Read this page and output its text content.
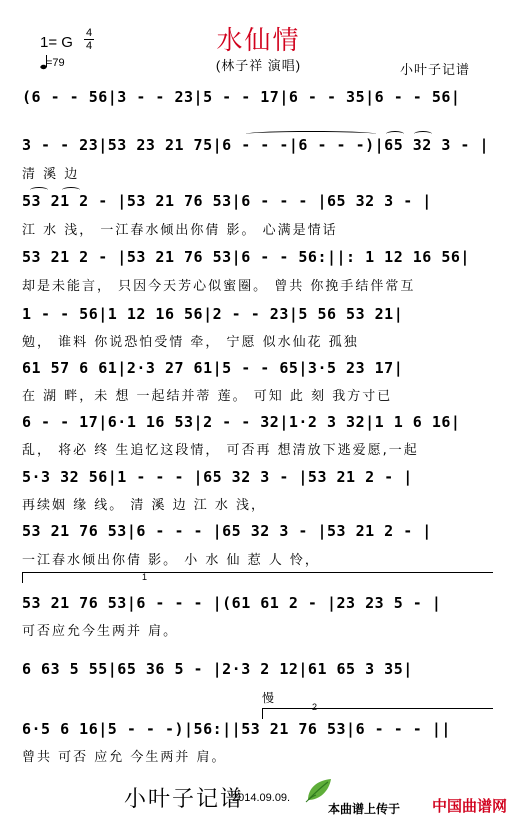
水仙情
(林子祥 演唱)
1= G
4
4
=79	小叶子记谱
(6 - - 56|3 - - 23|5 - - 17|6 - - 35|6 - - 56|
3 - - 23|53 23 21 75|6 - - -|6 - - -)|65 32 3 - |
清 溪 边
53 21 2 - |53 21 76 53|6 - - - |65 32 3 - |
江 水 浅， 一江春水倾出你倩 影。 心满是情话
53 21 2 - |53 21 76 53|6 - - 56:||: 1 12 16 56|
却是未能言， 只因今天芳心似蜜圈。 曾共 你挽手结伴常互
1 - - 56|1 12 16 56|2 - - 23|5 56 53 21|
勉， 谁料 你说恐怕受情 牵， 宁愿 似水仙花 孤独
61 57 6 61|2·3 27 61|5 - - 65|3·5 23 17|
在 湖 畔，未 想 一起结并蒂 莲。 可知 此 刻 我方寸已
6 - - 17|6·1 16 53|2 - - 32|1·2 3 32|1 1 6 16|
乱， 将必 终 生追忆这段情， 可否再 想清放下逃爱愿,一起
5·3 32 56|1 - - - |65 32 3 - |53 21 2 - |
再续姻 缘 线。 清 溪 边 江 水 浅，
53 21 76 53|6 - - - |65 32 3 - |53 21 2 - |
一江春水倾出你倩 影。 小 水 仙 惹 人 怜，
1
53 21 76 53|6 - - - |(61 61 2 - |23 23 5 - |
可否应允今生两并 肩。
6 63 5 55|65 36 5 - |2·3 2 12|61 65 3 35|
慢
2
6·5 6 16|5 - - -)|56:||53 21 76 53|6 - - - ||
曾共 可否 应允 今生两并 肩。
小叶子记谱
2014.09.09.
本曲谱上传于 中国曲谱网
